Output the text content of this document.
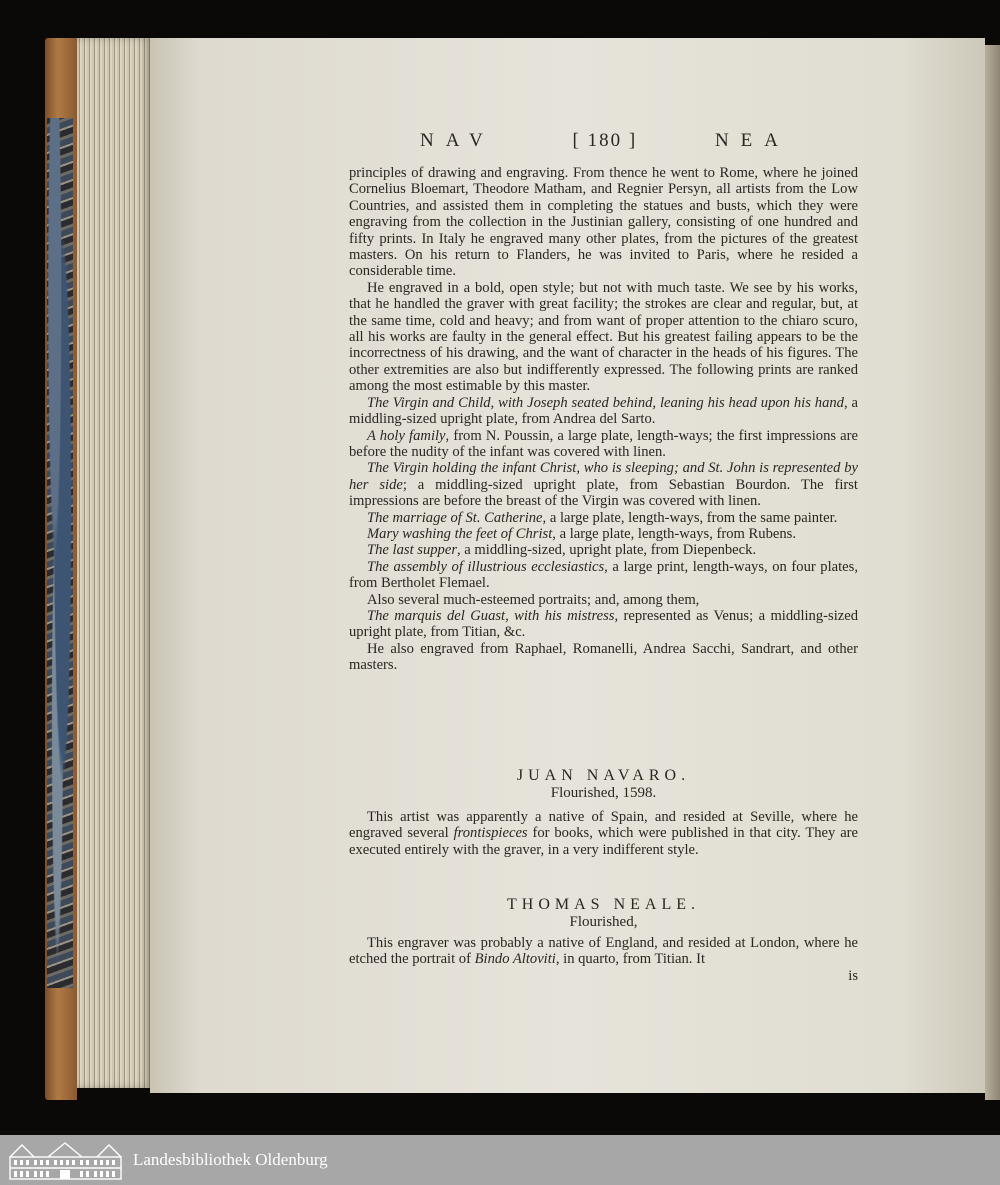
NAV	[ 180 ]	NEA

principles of drawing and engraving. From thence he went to Rome, where he joined Cornelius Bloemart, Theodore Matham, and Regnier Persyn, all artists from the Low Countries, and assisted them in completing the statues and busts, which they were engraving from the collection in the Justinian gallery, consisting of one hundred and fifty prints. In Italy he engraved many other plates, from the pictures of the greatest masters. On his return to Flanders, he was invited to Paris, where he resided a considerable time.

He engraved in a bold, open style; but not with much taste. We see by his works, that he handled the graver with great facility; the strokes are clear and regular, but, at the same time, cold and heavy; and from want of proper attention to the chiaro scuro, all his works are faulty in the general effect. But his greatest failing appears to be the incorrectness of his drawing, and the want of character in the heads of his figures. The other extremities are also but indifferently expressed. The following prints are ranked among the most estimable by this master.

The Virgin and Child, with Joseph seated behind, leaning his head upon his hand, a middling-sized upright plate, from Andrea del Sarto.

A holy family, from N. Poussin, a large plate, length-ways; the first impressions are before the nudity of the infant was covered with linen.

The Virgin holding the infant Christ, who is sleeping; and St. John is represented by her side; a middling-sized upright plate, from Sebastian Bourdon. The first impressions are before the breast of the Virgin was covered with linen.

The marriage of St. Catherine, a large plate, length-ways, from the same painter.

Mary washing the feet of Christ, a large plate, length-ways, from Rubens.

The last supper, a middling-sized, upright plate, from Diepenbeck.

The assembly of illustrious ecclesiastics, a large print, length-ways, on four plates, from Bertholet Flemael.

Also several much-esteemed portraits; and, among them,

The marquis del Guast, with his mistress, represented as Venus; a middling-sized upright plate, from Titian, &c.

He also engraved from Raphael, Romanelli, Andrea Sacchi, Sandrart, and other masters.

JUAN NAVARO.
Flourished, 1598.

This artist was apparently a native of Spain, and resided at Seville, where he engraved several frontispieces for books, which were published in that city. They are executed entirely with the graver, in a very indifferent style.

THOMAS NEALE.
Flourished,

This engraver was probably a native of England, and resided at London, where he etched the portrait of Bindo Altoviti, in quarto, from Titian. It

is
Landesbibliothek Oldenburg
